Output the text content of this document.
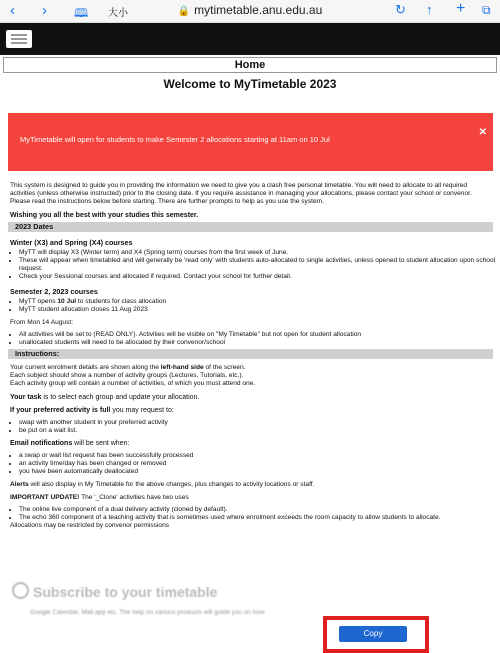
‹ › 🕮 大小	🔒 mytimetable.anu.edu.au	↻ ↑ + ⧉
Home
Welcome to MyTimetable 2023
MyTimetable will open for students to make Semester 2 allocations starting at 11am on 10 Jul
✕
This system is designed to guide you in providing the information we need to give you a clash free personal timetable. You will need to allocate to all required activities (unless otherwise instructed) prior to the closing date. If you require assistance in managing your allocations, please contact your school or convenor.
Please read the instructions below before starting. There are further prompts to help as you use the system.
Wishing you all the best with your studies this semester.
2023 Dates
Winter (X3) and Spring (X4) courses
• MyTT will display X3 (Winter term) and X4 (Spring term) courses from the first week of June.
• These will appear when timetabled and will generally be 'read only' with students auto-allocated to single activities, unless opened to student allocation upon school request.
• Check your Sessional courses and allocated if required. Contact your school for further detail.
Semester 2, 2023 courses
• MyTT opens 10 Jul to students for class allocation
• MyTT student allocation closes 11 Aug 2023
From Mon 14 August:
• All activities will be set to (READ ONLY). Activities will be visible on "My Timetable" but not open for student allocation
• unallocated students will need to be allocated by their convenor/school
Instructions:
Your current enrolment details are shown along the left-hand side of the screen.
Each subject should show a number of activity groups (Lectures, Tutorials, etc.).
Each activity group will contain a number of activities, of which you must attend one.
Your task is to select each group and update your allocation.
If your preferred activity is full you may request to:
• swap with another student in your preferred activity
• be put on a wait list.
Email notifications will be sent when:
• a swap or wait list request has been successfully processed
• an activity time/day has been changed or removed
• you have been automatically deallocated
Alerts will also display in My Timetable for the above changes, plus changes to activity locations or staff.
IMPORTANT UPDATE! The '_Clone' activities have two uses
• The online live component of a dual delivery activity (cloned by default).
• The echo 360 component of a teaching activity that is sometimes used where enrolment exceeds the room capacity to allow students to allocate.
Allocations may be restricted by convenor permissions
Subscribe to your timetable
Google Calendar, Mail.app etc. The help on various products will guide you on how.
Copy
